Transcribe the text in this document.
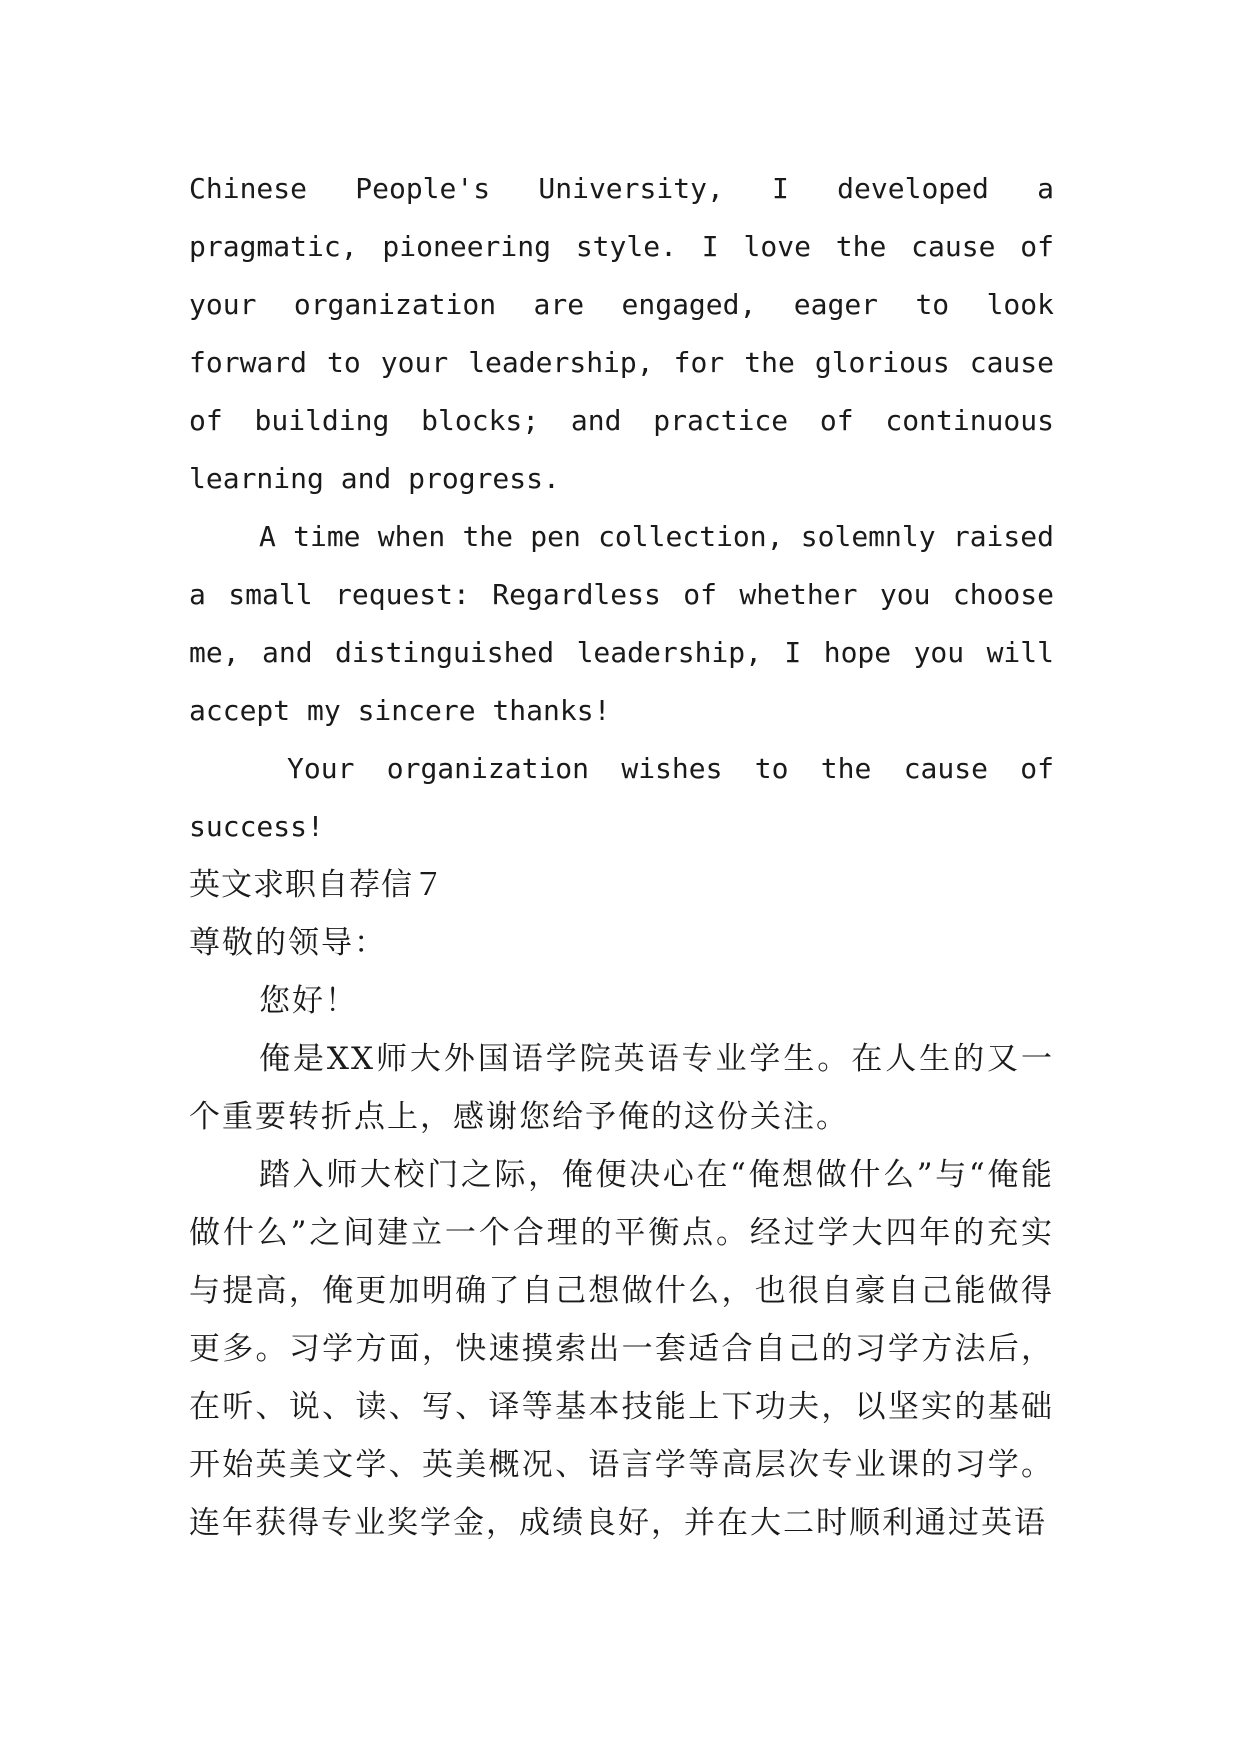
Chinese People's University, I developed a pragmatic, pioneering style. I love the cause of your organization are engaged, eager to look forward to your leadership, for the glorious cause of building blocks; and practice of continuous learning and progress.

A time when the pen collection, solemnly raised a small request: Regardless of whether you choose me, and distinguished leadership, I hope you will accept my sincere thanks!

Your organization wishes to the cause of success!

英文求职自荐信７

尊敬的领导：

您好！

俺是XX师大外国语学院英语专业学生。在人生的又一个重要转折点上，感谢您给予俺的这份关注。

踏入师大校门之际，俺便决心在“俺想做什么”与“俺能做什么”之间建立一个合理的平衡点。经过学大四年的充实与提高，俺更加明确了自己想做什么，也很自豪自己能做得更多。习学方面，快速摸索出一套适合自己的习学方法后，在听、说、读、写、译等基本技能上下功夫，以坚实的基础开始英美文学、英美概况、语言学等高层次专业课的习学。连年获得专业奖学金，成绩良好，并在大二时顺利通过英语
